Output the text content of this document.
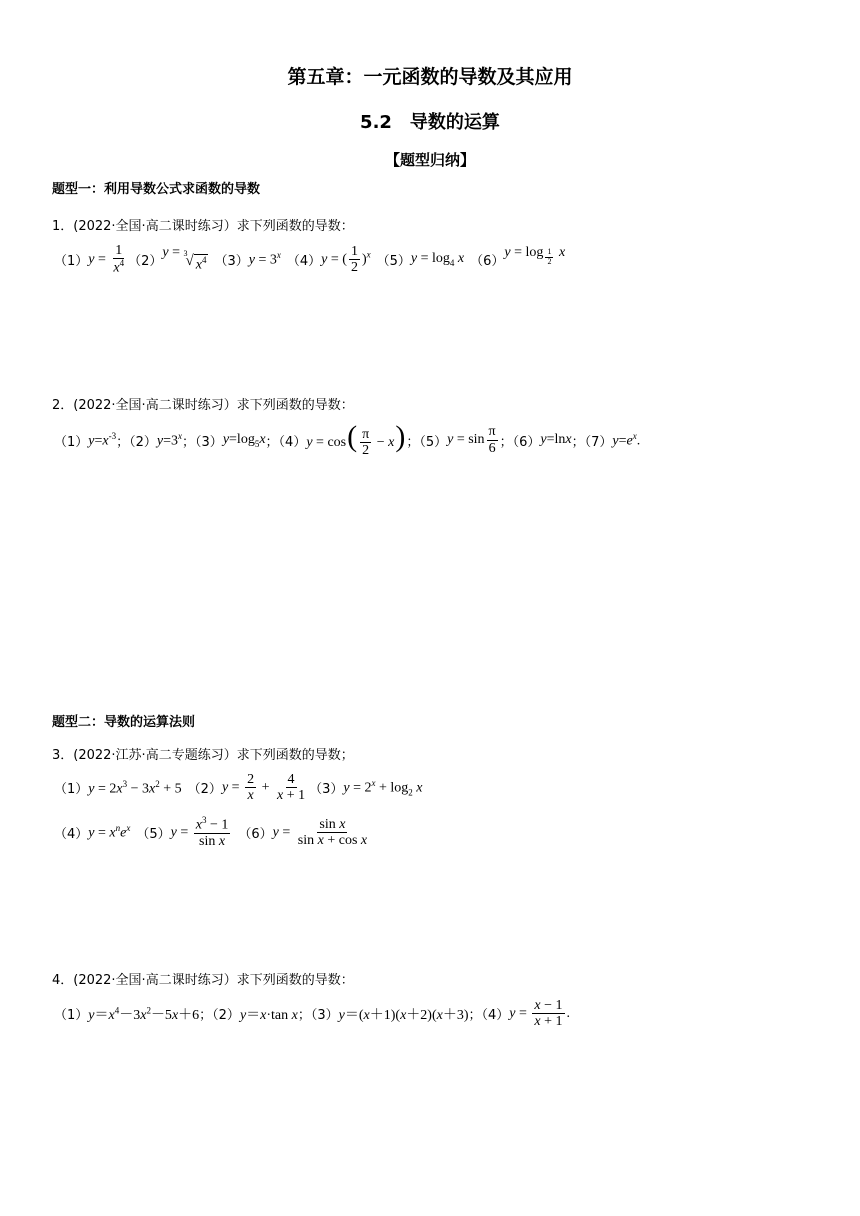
第五章：一元函数的导数及其应用
5.2　导数的运算
【题型归纳】
题型一：利用导数公式求函数的导数
1．(2022·全国·高二课时练习）求下列函数的导数：
（1） $y = \frac{1}{x^4} (2)$
y = 3
√ $x^4$ （3） $y = 3^x$ （4） y = ( $\frac{1}{2} )^x$ （5） $y = \log_4 x$ （6）
y = log $_{\frac{1}{2}}$ x
2．(2022·全国·高二课时练习）求下列函数的导数：
（1） $y=x^{-3}$ ；（2） $y=3^x$ ；（3） $y=\log_5x$ ；（4） $y = \cos( \frac{\pi}{2} - x)$ ；（5） $y = \sin \frac{\pi}{6}$ ；（6） y=lnx ；（7） $y=e^x$.
题型二：导数的运算法则
3．(2022·江苏·高二专题练习）求下列函数的导数；
（1） $y = 2x^3 - 3x^2 + 5$ （2） $y = \frac{2}{x} + \frac{4}{x + 1} (3) y = 2^x + \log_2 x$
（4） $y = x^ne^x$ （5） $y = \frac{x^3 - 1}{\text{sin x}} (6) y = \frac{\text{sin x}}{\text{sin x + cos x}}$
4．(2022·全国·高二课时练习）求下列函数的导数：
（1） $y=x^4-3x^2-5x+6$ ；（2） y＝x·tan x ；（3） y＝(x＋1)(x＋2)(x＋3) ；（4） $y = \frac{x - 1}{x + 1}$ .
